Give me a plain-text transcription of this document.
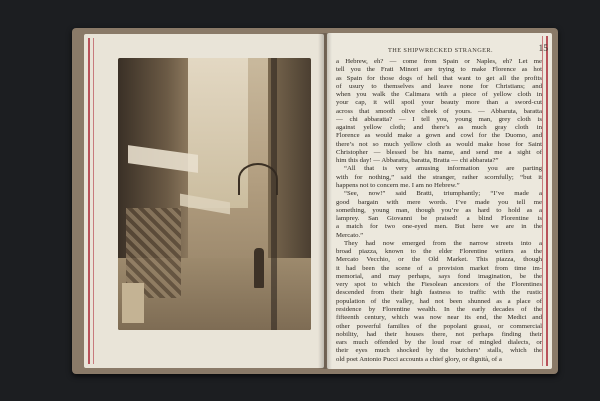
THE SHIPWRECKED STRANGER.	15
a Hebrew, eh? — come from Spain or Naples, eh? Let me
tell you the Frati Minori are trying to make Florence as hot
as Spain for those dogs of hell that want to get all the profits
of usury to themselves and leave none for Christians; and
when you walk the Calimara with a piece of yellow cloth in
your cap, it will spoil your beauty more than a sword-cut
across that smooth olive cheek of yours. — Abbaruta, baratta
— chi abbaratta? — I tell you, young man, grey cloth is
against yellow cloth; and there’s as much gray cloth in
Florence as would make a gown and cowl for the Duomo, and
there’s not so much yellow cloth as would make hose for Saint
Christopher — blessed be his name, and send me a sight of
him this day! — Abbaratta, baratta, Bratta — chi abbarata?”
“All that is very amusing information you are parting
with for nothing,” said the stranger, rather scornfully; “but it
happens not to concern me. I am no Hebrew.”
“See, now!” said Bratti, triumphantly; “I’ve made a
good bargain with mere words. I’ve made you tell me
something, young man, though you’re as hard to hold as a
lamprey. San Giovanni be praised! a blind Florentine is
a match for two one-eyed men. But here we are in the
Mercato.”
They had now emerged from the narrow streets into a
broad piazza, known to the elder Florentine writers as the
Mercato Vecchio, or the Old Market. This piazza, though
it had been the scene of a provision market from time im-
memorial, and may perhaps, says fond imagination, be the
very spot to which the Fiesolean ancestors of the Florentines
descended from their high fastness to traffic with the rustic
population of the valley, had not been shunned as a place of
residence by Florentine wealth. In the early decades of the
fifteenth century, which was now near its end, the Medici and
other powerful families of the popolani grassi, or commercial
nobility, had their houses there, not perhaps finding their
ears much offended by the loud roar of mingled dialects, or
their eyes much shocked by the butchers’ stalls, which the
old poet Antonio Pucci accounts a chief glory, or dignità, of a
